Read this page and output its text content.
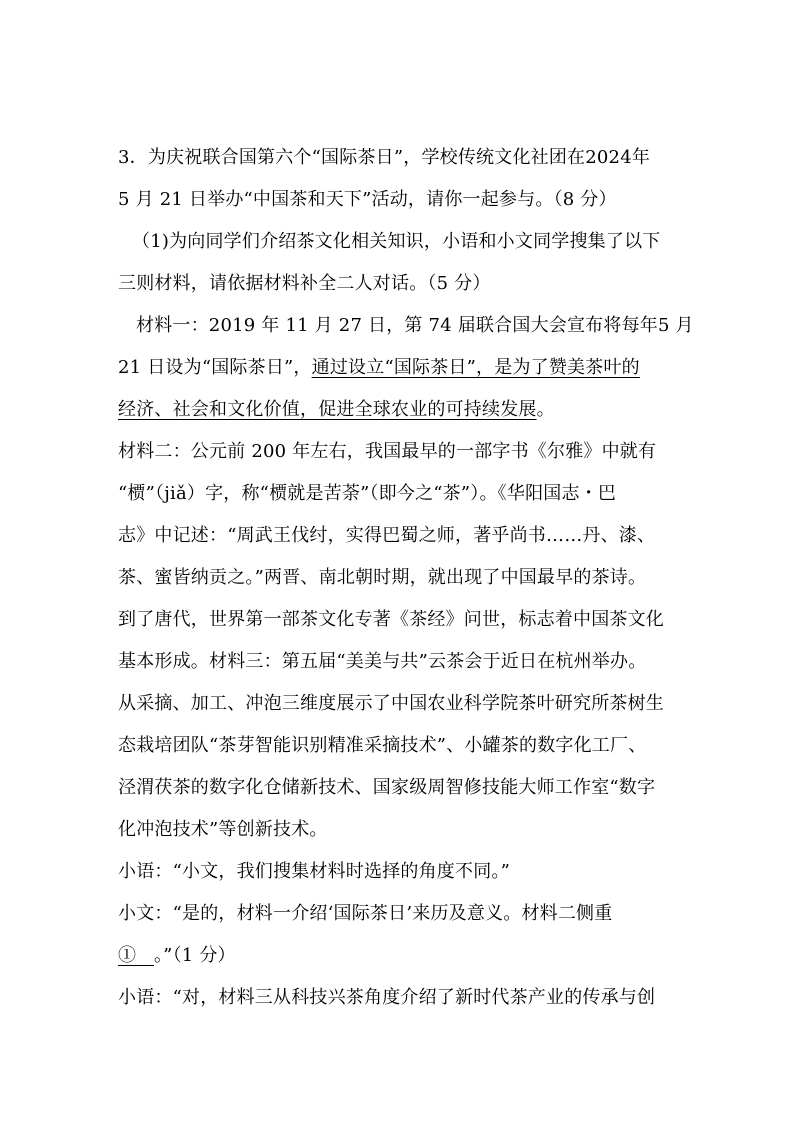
3．为庆祝联合国第六个“国际茶日”，学校传统文化社团在2024年
5 月 21 日举办“中国茶和天下”活动，请你一起参与。（8 分）
（1)为向同学们介绍茶文化相关知识，小语和小文同学搜集了以下
三则材料，请依据材料补全二人对话。（5 分）
材料一：2019 年 11 月 27 日，第 74 届联合国大会宣布将每年5 月
21 日设为“国际茶日”，通过设立“国际茶日”，是为了赞美茶叶的
经济、社会和文化价值，促进全球农业的可持续发展。
材料二：公元前 200 年左右，我国最早的一部字书《尔雅》中就有
“槚”（jiǎ）字，称“槚就是苦荼”（即今之“茶”）。《华阳国志・巴
志》中记述：“周武王伐纣，实得巴蜀之师，著乎尚书……丹、漆、
茶、蜜皆纳贡之。”两晋、南北朝时期，就出现了中国最早的茶诗。
到了唐代，世界第一部茶文化专著《茶经》问世，标志着中国茶文化
基本形成。材料三：第五届“美美与共”云茶会于近日在杭州举办。
从采摘、加工、冲泡三维度展示了中国农业科学院茶叶研究所茶树生
态栽培团队“茶芽智能识别精准采摘技术”、小罐茶的数字化工厂、
泾渭茯茶的数字化仓储新技术、国家级周智修技能大师工作室“数字
化冲泡技术”等创新技术。
小语：“小文，我们搜集材料时选择的角度不同。”
小文：“是的，材料一介绍‘国际茶日’来历及意义。材料二侧重
① 。”（1 分）
小语：“对，材料三从科技兴茶角度介绍了新时代茶产业的传承与创
